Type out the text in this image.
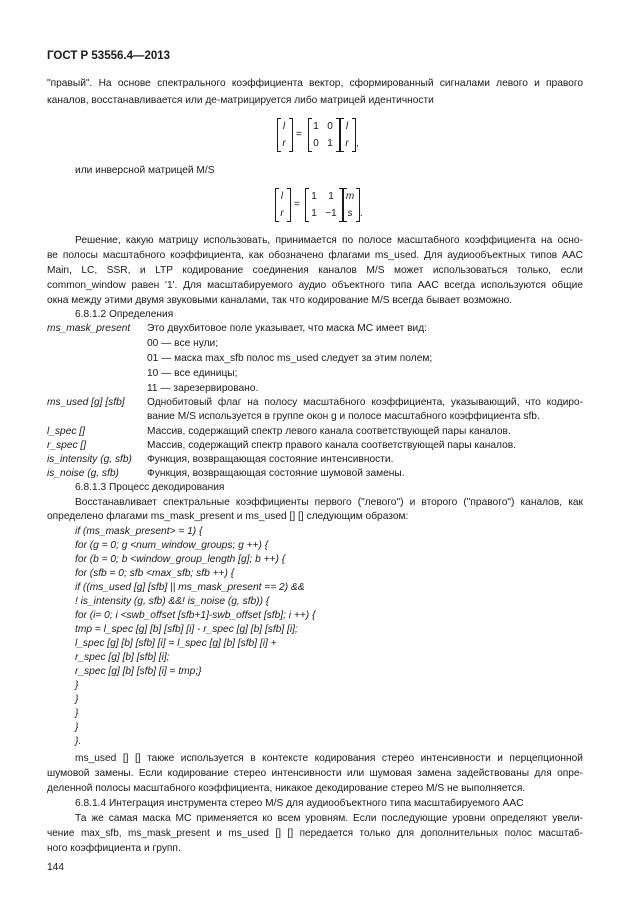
ГОСТ Р 53556.4—2013
"правый". На основе спектрального коэффициента вектор, сформированный сигналами левого и правого
каналов, восстанавливается или де-матрицируется либо матрицей идентичности
l
r
=
1 0
0 1
l
r ,
или инверсной матрицей M/S
l
r
=
1	1
1 −1
m
s .
Решение, какую матрицу использовать, принимается по полосе масштабного коэффициента на осно-
ве полосы масштабного коэффициента, как обозначено флагами ms_used. Для аудиообъектных типов AAC
Main, LC, SSR, и LTP кодирование соединения каналов M/S может использоваться только, если
common_window равен '1'. Для масштабируемого аудио объектного типа AAC всегда используются общие
окна между этими двумя звуковыми каналами, так что кодирование M/S всегда бывает возможно.
6.8.1.2 Определения
ms_mask_present Это двухбитовое поле указывает, что маска MC имеет вид:
00 — все нули;
01 — маска max_sfb полос ms_used следует за этим полем;
10 — все единицы;
11 — зарезервировано.
ms_used [g] [sfb] Однобитовый флаг на полосу масштабного коэффициента, указывающий, что кодиро-
вание M/S используется в группе окон g и полосе масштабного коэффициента sfb.
l_spec []	Массив, содержащий спектр левого канала соответствующей пары каналов.
r_spec []	Массив, содержащий спектр правого канала соответствующей пары каналов.
is_intensity (g, sfb) Функция, возвращающая состояние интенсивности.
is_noise (g, sfb)	Функция, возвращающая состояние шумовой замены.
6.8.1.3 Процесс декодирования
Восстанавливает спектральные коэффициенты первого ("левого") и второго ("правого") каналов, как
определено флагами ms_mask_present и ms_used [] [] следующим образом:
if (ms_mask_present> = 1) {
for (g = 0; g <num_window_groups; g ++) {
for (b = 0; b <window_group_length [g]; b ++) {
for (sfb = 0; sfb <max_sfb; sfb ++) {
if ((ms_used [g] [sfb] || ms_mask_present == 2) &&
! is_intensity (g, sfb) &&! is_noise (g, sfb)) {
for (i= 0; i <swb_offset [sfb+1]-swb_offset [sfb]; i ++) {
tmp = l_spec [g] [b] [sfb] [i] - r_spec [g] [b] [sfb] [i];
l_spec [g] [b] [sfb] [i] = l_spec [g] [b] [sfb] [i] +
r_spec [g] [b] [sfb] [i];
r_spec [g] [b] [sfb] [i] = tmp;}
}
}
}
}
}.
ms_used [] [] также используется в контексте кодирования стерео интенсивности и перцепционной
шумовой замены. Если кодирование стерео интенсивности или шумовая замена задействованы для опре-
деленной полосы масштабного коэффициента, никакое декодирование стерео M/S не выполняется.
6.8.1.4 Интеграция инструмента стерео M/S для аудиообъектного типа масштабируемого AAC
Та же самая маска MC применяется ко всем уровням. Если последующие уровни определяют увели-
чение max_sfb, ms_mask_present и ms_used [] [] передается только для дополнительных полос масштаб-
ного коэффициента и групп.
144
